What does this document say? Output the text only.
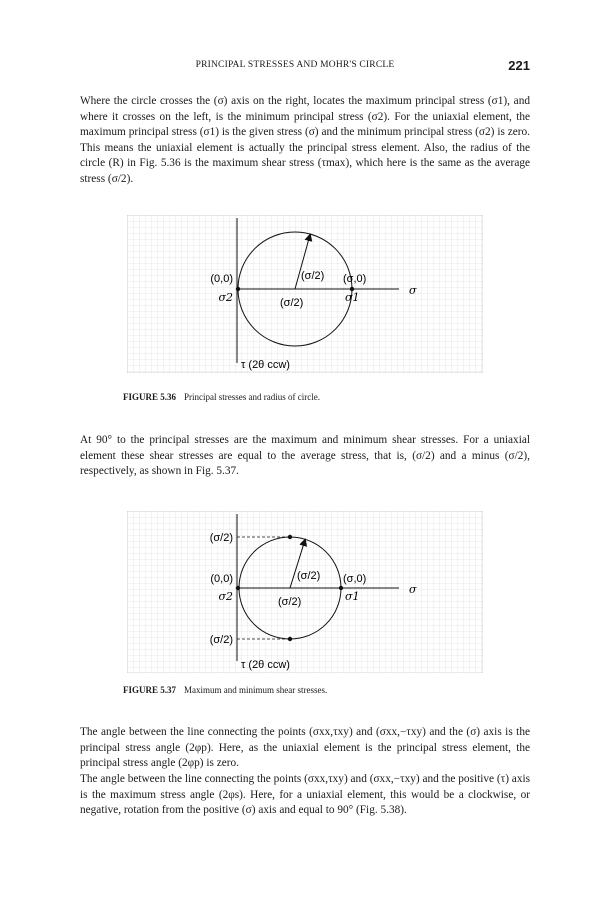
PRINCIPAL STRESSES AND MOHR'S CIRCLE	221

Where the circle crosses the (σ) axis on the right, locates the maximum principal stress (σ1), and where it crosses on the left, is the minimum principal stress (σ2). For the uniaxial element, the maximum principal stress (σ1) is the given stress (σ) and the minimum principal stress (σ2) is zero. This means the uniaxial element is actually the principal stress element. Also, the radius of the circle (R) in Fig. 5.36 is the maximum shear stress (τmax), which here is the same as the average stress (σ/2).

(0,0)
σ2
(σ/2)
(σ/2)
(σ,0)
σ1
σ
τ (2θ ccw)

FIGURE 5.36 Principal stresses and radius of circle.

At 90° to the principal stresses are the maximum and minimum shear stresses. For a uniaxial element these shear stresses are equal to the average stress, that is, (σ/2) and a minus (σ/2), respectively, as shown in Fig. 5.37.

(σ/2)
(0,0)
σ2
(σ/2)
(σ/2)
(σ,0)
σ1
σ
(σ/2)
τ (2θ ccw)

FIGURE 5.37 Maximum and minimum shear stresses.

The angle between the line connecting the points (σxx,τxy) and (σxx,−τxy) and the (σ) axis is the principal stress angle (2φp). Here, as the uniaxial element is the principal stress element, the principal stress angle (2φp) is zero.

The angle between the line connecting the points (σxx,τxy) and (σxx,−τxy) and the positive (τ) axis is the maximum stress angle (2φs). Here, for a uniaxial element, this would be a clockwise, or negative, rotation from the positive (σ) axis and equal to 90° (Fig. 5.38).
